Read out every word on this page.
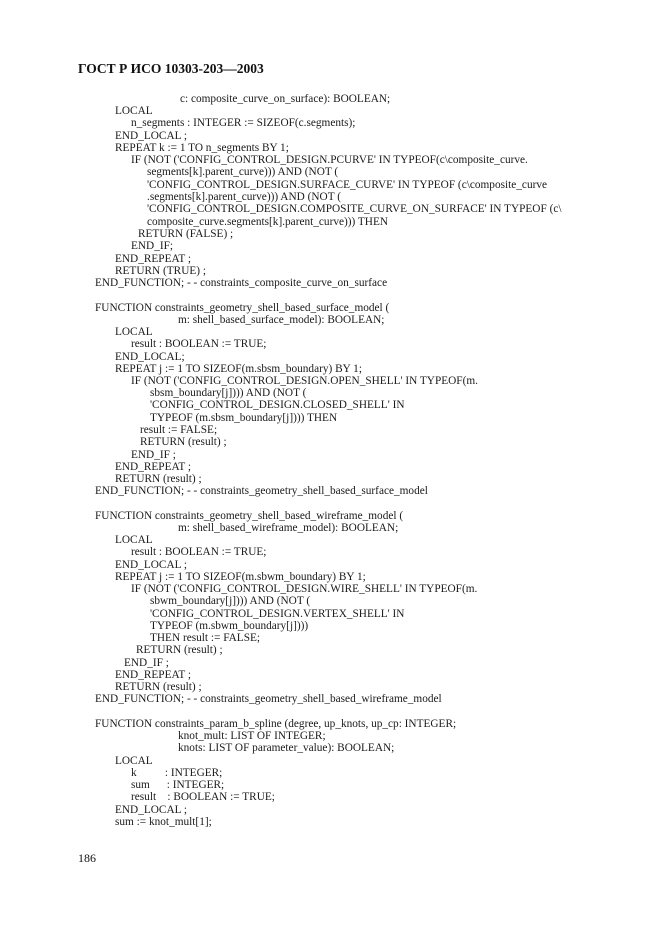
ГОСТ Р ИСО 10303-203—2003
c: composite_curve_on_surface): BOOLEAN;
LOCAL
n_segments : INTEGER := SIZEOF(c.segments);
END_LOCAL ;
REPEAT k := 1 TO n_segments BY 1;
IF (NOT ('CONFIG_CONTROL_DESIGN.PCURVE' IN TYPEOF(c\composite_curve.
segments[k].parent_curve))) AND (NOT (
'CONFIG_CONTROL_DESIGN.SURFACE_CURVE' IN TYPEOF (c\composite_curve
.segments[k].parent_curve))) AND (NOT (
'CONFIG_CONTROL_DESIGN.COMPOSITE_CURVE_ON_SURFACE' IN TYPEOF (c\
composite_curve.segments[k].parent_curve))) THEN
RETURN (FALSE) ;
END_IF;
END_REPEAT ;
RETURN (TRUE) ;
END_FUNCTION; - - constraints_composite_curve_on_surface
FUNCTION constraints_geometry_shell_based_surface_model (
m: shell_based_surface_model): BOOLEAN;
LOCAL
result : BOOLEAN := TRUE;
END_LOCAL;
REPEAT j := 1 TO SIZEOF(m.sbsm_boundary) BY 1;
IF (NOT ('CONFIG_CONTROL_DESIGN.OPEN_SHELL' IN TYPEOF(m.
sbsm_boundary[j]))) AND (NOT (
'CONFIG_CONTROL_DESIGN.CLOSED_SHELL' IN
TYPEOF (m.sbsm_boundary[j]))) THEN
result := FALSE;
RETURN (result) ;
END_IF ;
END_REPEAT ;
RETURN (result) ;
END_FUNCTION; - - constraints_geometry_shell_based_surface_model
FUNCTION constraints_geometry_shell_based_wireframe_model (
m: shell_based_wireframe_model): BOOLEAN;
LOCAL
result : BOOLEAN := TRUE;
END_LOCAL ;
REPEAT j := 1 TO SIZEOF(m.sbwm_boundary) BY 1;
IF (NOT ('CONFIG_CONTROL_DESIGN.WIRE_SHELL' IN TYPEOF(m.
sbwm_boundary[j]))) AND (NOT (
'CONFIG_CONTROL_DESIGN.VERTEX_SHELL' IN
TYPEOF (m.sbwm_boundary[j])))
THEN result := FALSE;
RETURN (result) ;
END_IF ;
END_REPEAT ;
RETURN (result) ;
END_FUNCTION; - - constraints_geometry_shell_based_wireframe_model
FUNCTION constraints_param_b_spline (degree, up_knots, up_cp: INTEGER;
knot_mult: LIST OF INTEGER;
knots: LIST OF parameter_value): BOOLEAN;
LOCAL
k          : INTEGER;
sum      : INTEGER;
result    : BOOLEAN := TRUE;
END_LOCAL ;
sum := knot_mult[1];
186
